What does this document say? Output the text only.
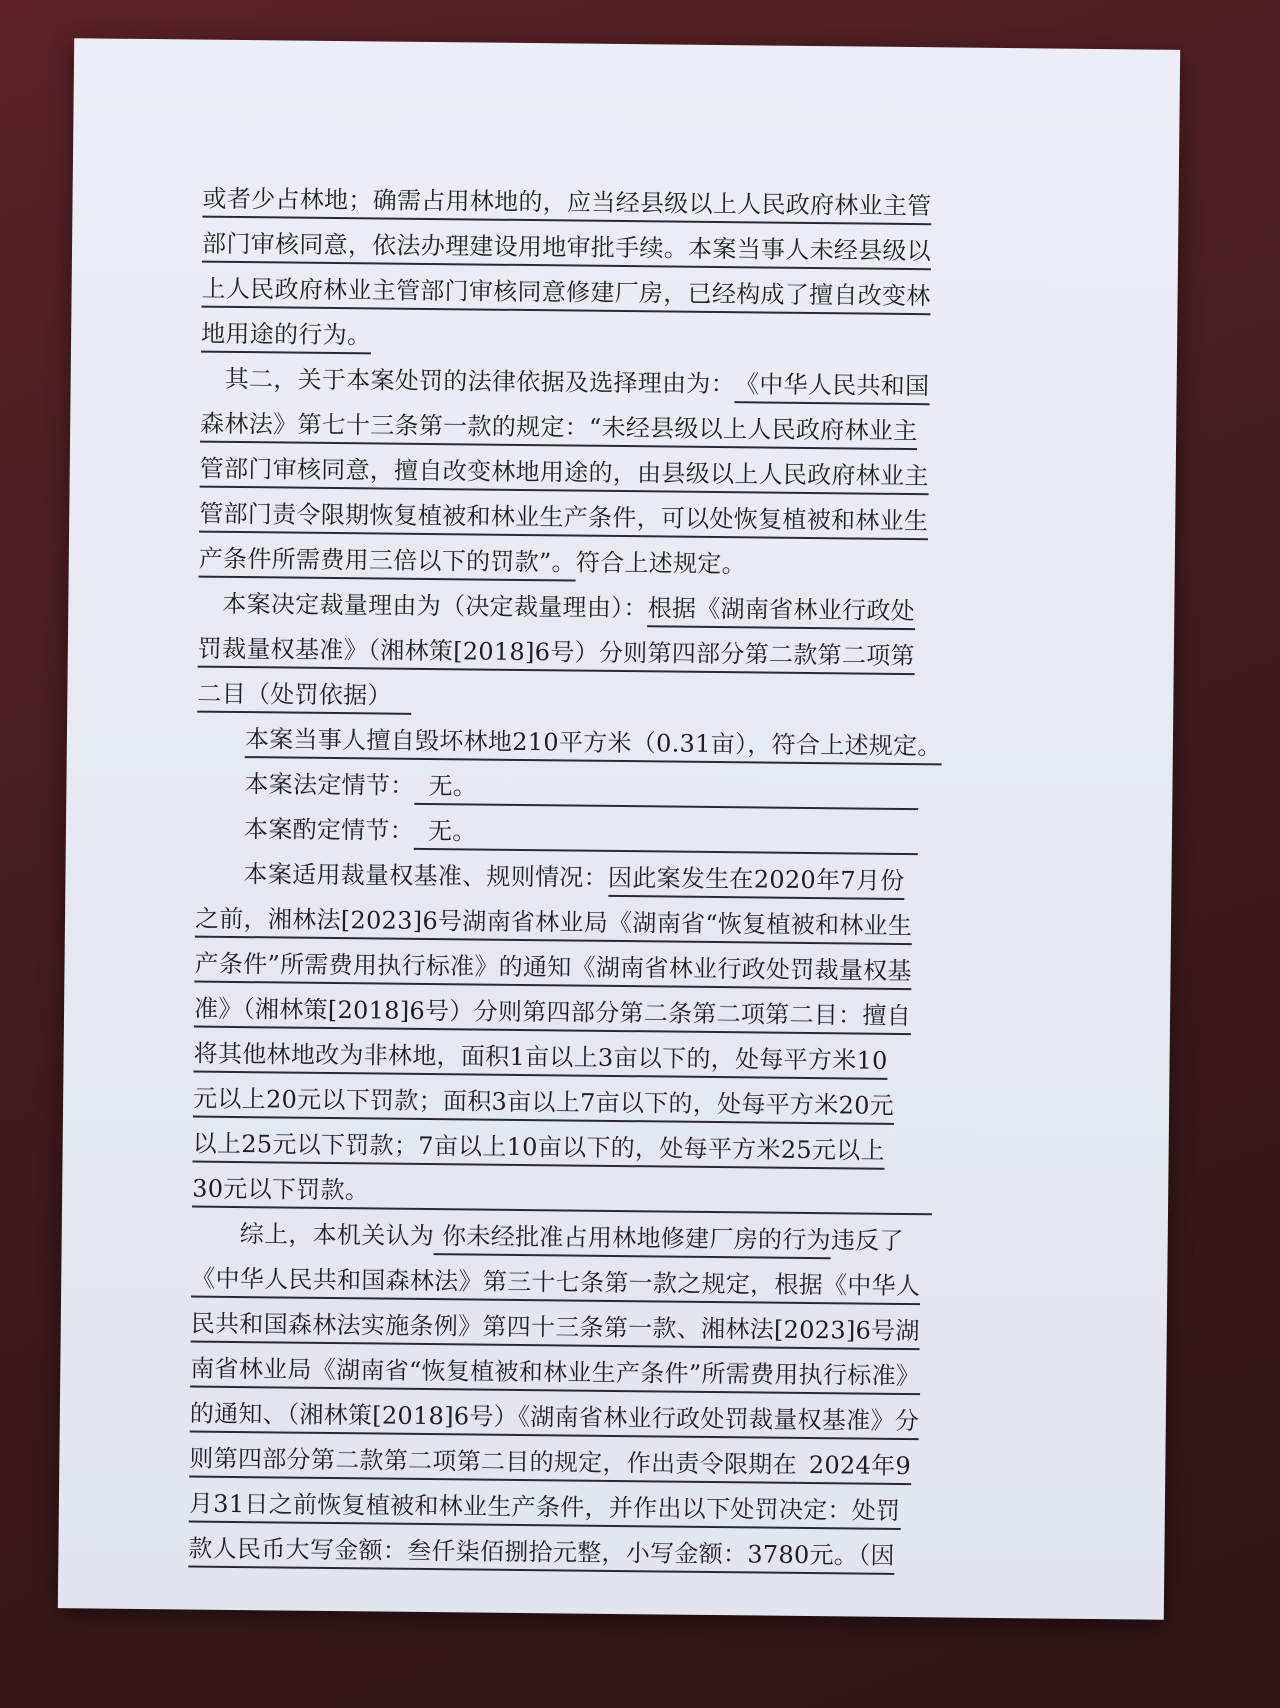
或者少占林地；确需占用林地的，应当经县级以上人民政府林业主管
部门审核同意，依法办理建设用地审批手续。本案当事人未经县级以
上人民政府林业主管部门审核同意修建厂房，已经构成了擅自改变林
地用途的行为。
其二，关于本案处罚的法律依据及选择理由为：《中华人民共和国
森林法》第七十三条第一款的规定：“未经县级以上人民政府林业主
管部门审核同意，擅自改变林地用途的，由县级以上人民政府林业主
管部门责令限期恢复植被和林业生产条件，可以处恢复植被和林业生
产条件所需费用三倍以下的罚款”。符合上述规定。
本案决定裁量理由为（决定裁量理由）：根据《湖南省林业行政处
罚裁量权基准》（湘林策[2018]6号）分则第四部分第二款第二项第
二目（处罚依据）
本案当事人擅自毁坏林地210平方米（0.31亩），符合上述规定。
本案法定情节： 无。
本案酌定情节： 无。
本案适用裁量权基准、规则情况：因此案发生在2020年7月份
之前，湘林法[2023]6号湖南省林业局《湖南省“恢复植被和林业生
产条件”所需费用执行标准》的通知《湖南省林业行政处罚裁量权基
准》（湘林策[2018]6号）分则第四部分第二条第二项第二目：擅自
将其他林地改为非林地，面积1亩以上3亩以下的，处每平方米10
元以上20元以下罚款；面积3亩以上7亩以下的，处每平方米20元
以上25元以下罚款；7亩以上10亩以下的，处每平方米25元以上
30元以下罚款。
综上，本机关认为 你未经批准占用林地修建厂房的行为违反了
《中华人民共和国森林法》第三十七条第一款之规定，根据《中华人
民共和国森林法实施条例》第四十三条第一款、湘林法[2023]6号湖
南省林业局《湖南省“恢复植被和林业生产条件”所需费用执行标准》
的通知、（湘林策[2018]6号）《湖南省林业行政处罚裁量权基准》分
则第四部分第二款第二项第二目的规定，作出责令限期在 2024年9
月31日之前恢复植被和林业生产条件，并作出以下处罚决定：处罚
款人民币大写金额：叁仟柒佰捌拾元整，小写金额：3780元。（因
